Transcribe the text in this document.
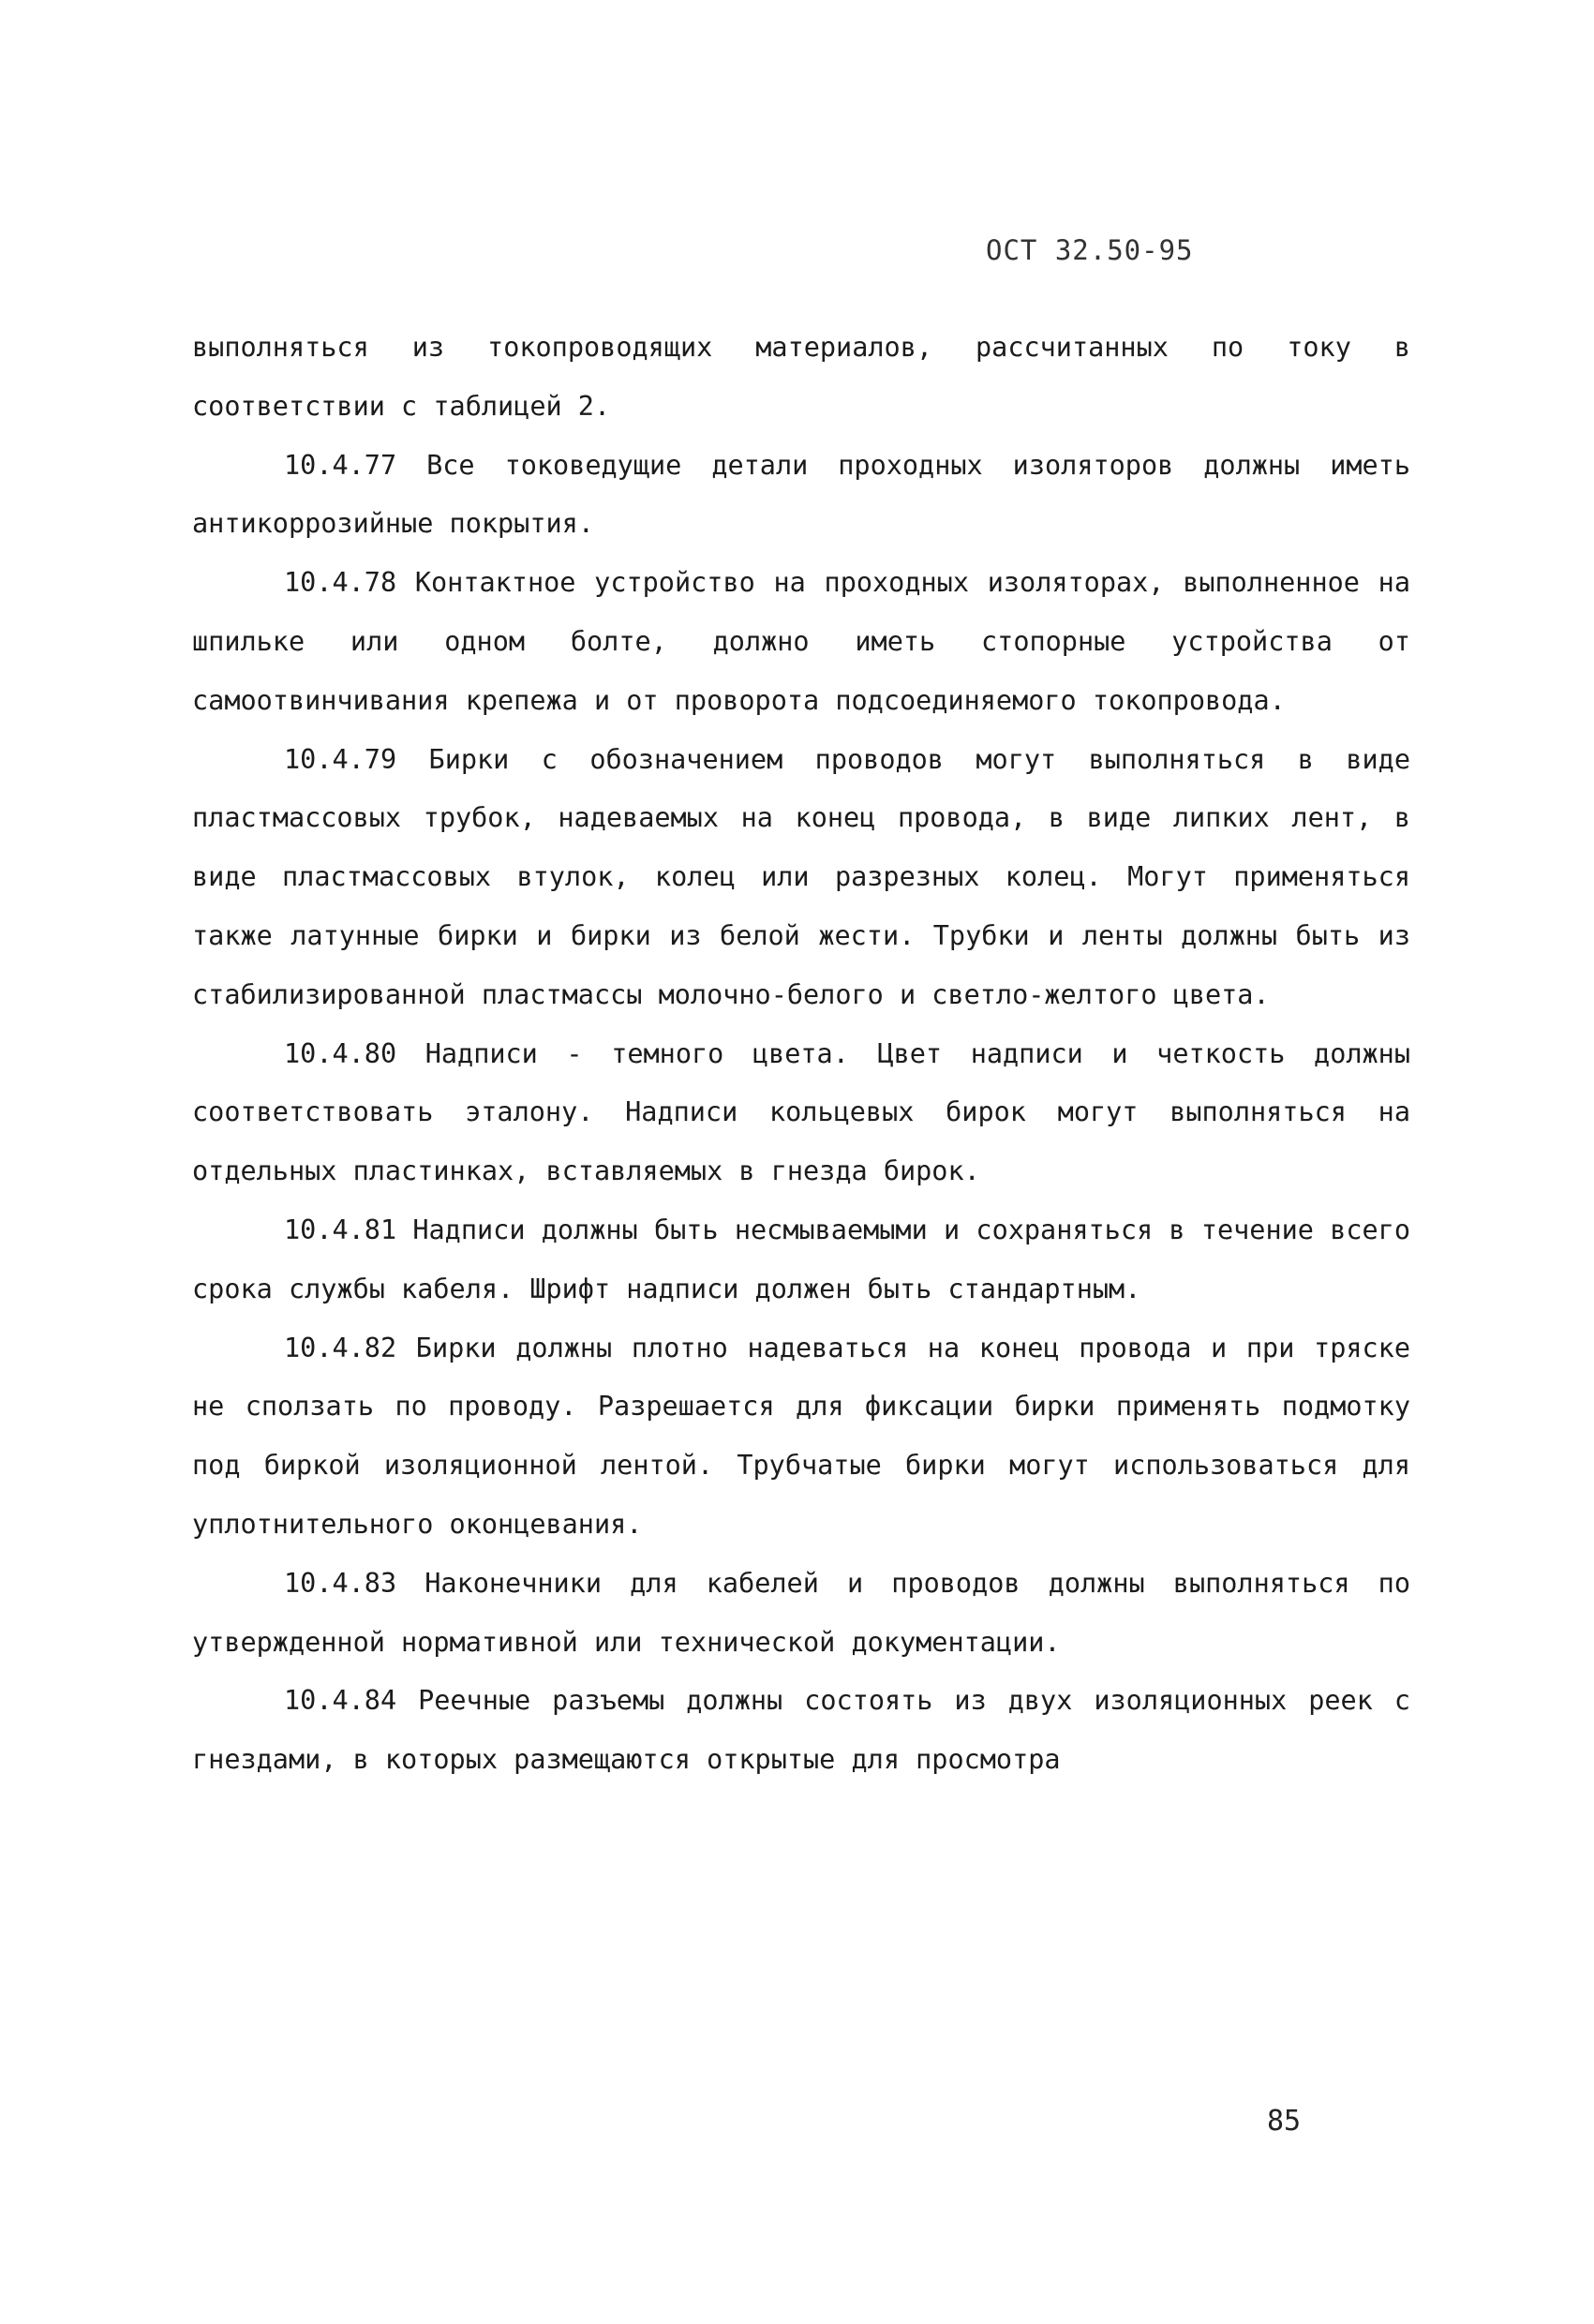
ОСТ 32.50-95

выполняться из токопроводящих материалов, рассчитанных по току в соответствии с таблицей 2.

10.4.77 Все токоведущие детали проходных изоляторов должны иметь антикоррозийные покрытия.

10.4.78 Контактное устройство на проходных изоляторах, выполненное на шпильке или одном болте, должно иметь стопорные устройства от самоотвинчивания крепежа и от проворота подсоединяемого токопровода.

10.4.79 Бирки с обозначением проводов могут выполняться в виде пластмассовых трубок, надеваемых на конец провода, в виде липких лент, в виде пластмассовых втулок, колец или разрезных колец. Могут применяться также латунные бирки и бирки из белой жести. Трубки и ленты должны быть из стабилизированной пластмассы молочно-белого и светло-желтого цвета.

10.4.80 Надписи - темного цвета. Цвет надписи и четкость должны соответствовать эталону. Надписи кольцевых бирок могут выполняться на отдельных пластинках, вставляемых в гнезда бирок.

10.4.81 Надписи должны быть несмываемыми и сохраняться в течение всего срока службы кабеля. Шрифт надписи должен быть стандартным.

10.4.82 Бирки должны плотно надеваться на конец провода и при тряске не сползать по проводу. Разрешается для фиксации бирки применять подмотку под биркой изоляционной лентой. Трубчатые бирки могут использоваться для уплотнительного оконцевания.

10.4.83 Наконечники для кабелей и проводов должны выполняться по утвержденной нормативной или технической документации.

10.4.84 Реечные разъемы должны состоять из двух изоляционных реек с гнездами, в которых размещаются открытые для просмотра

85
